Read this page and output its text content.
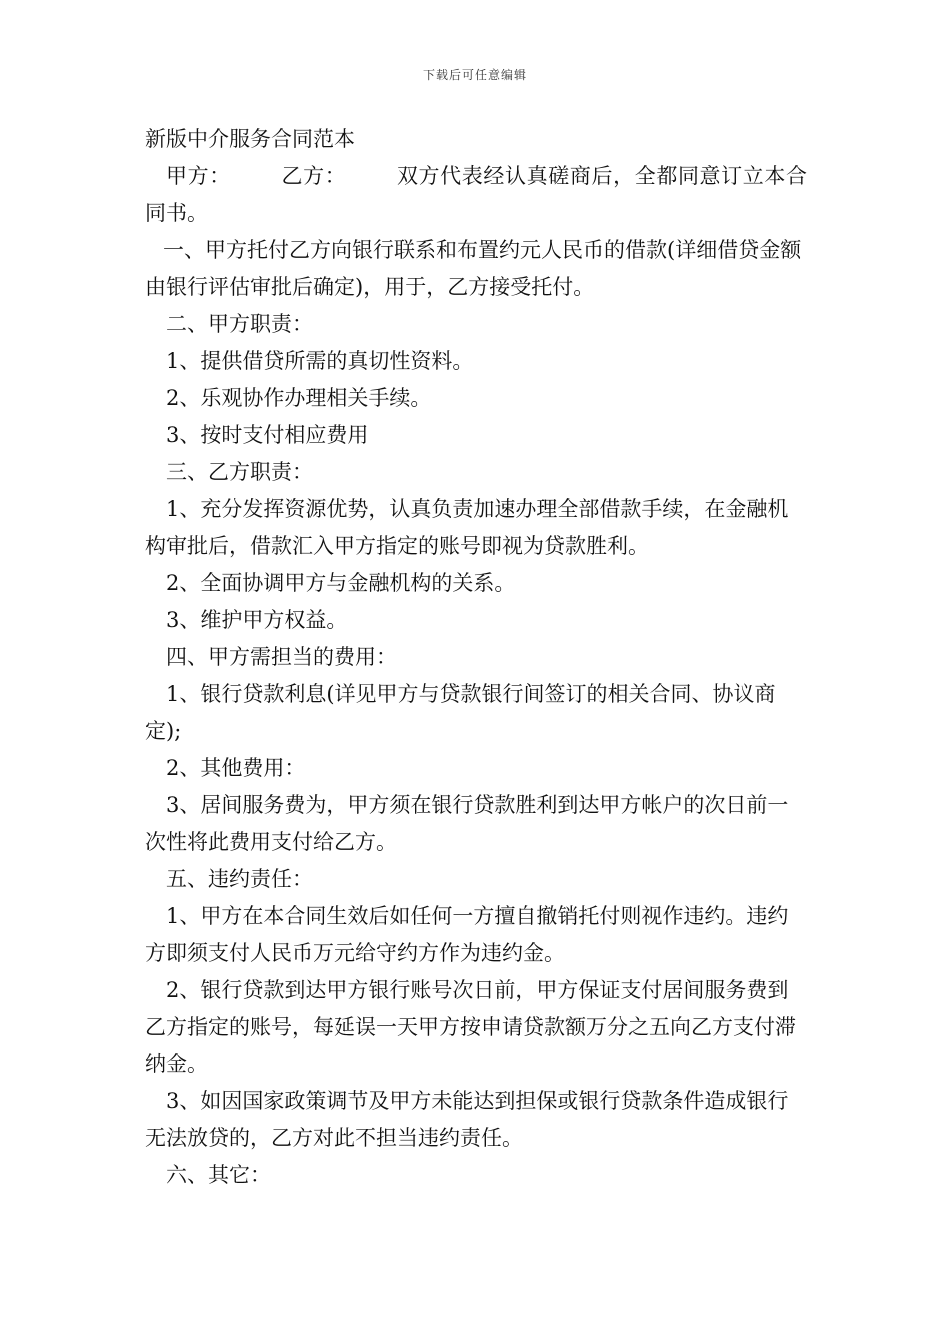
下载后可任意编辑

新版中介服务合同范本

甲方： 乙方： 双方代表经认真磋商后，全都同意订立本合同书。

一、甲方托付乙方向银行联系和布置约元人民币的借款(详细借贷金额由银行评估审批后确定)，用于，乙方接受托付。

二、甲方职责：

1、提供借贷所需的真切性资料。

2、乐观协作办理相关手续。

3、按时支付相应费用

三、乙方职责：

1、充分发挥资源优势，认真负责加速办理全部借款手续，在金融机构审批后，借款汇入甲方指定的账号即视为贷款胜利。

2、全面协调甲方与金融机构的关系。

3、维护甲方权益。

四、甲方需担当的费用：

1、银行贷款利息(详见甲方与贷款银行间签订的相关合同、协议商定);

2、其他费用：

3、居间服务费为，甲方须在银行贷款胜利到达甲方帐户的次日前一次性将此费用支付给乙方。

五、违约责任：

1、甲方在本合同生效后如任何一方擅自撤销托付则视作违约。违约方即须支付人民币万元给守约方作为违约金。

2、银行贷款到达甲方银行账号次日前，甲方保证支付居间服务费到乙方指定的账号，每延误一天甲方按申请贷款额万分之五向乙方支付滞纳金。

3、如因国家政策调节及甲方未能达到担保或银行贷款条件造成银行无法放贷的，乙方对此不担当违约责任。

六、其它：
